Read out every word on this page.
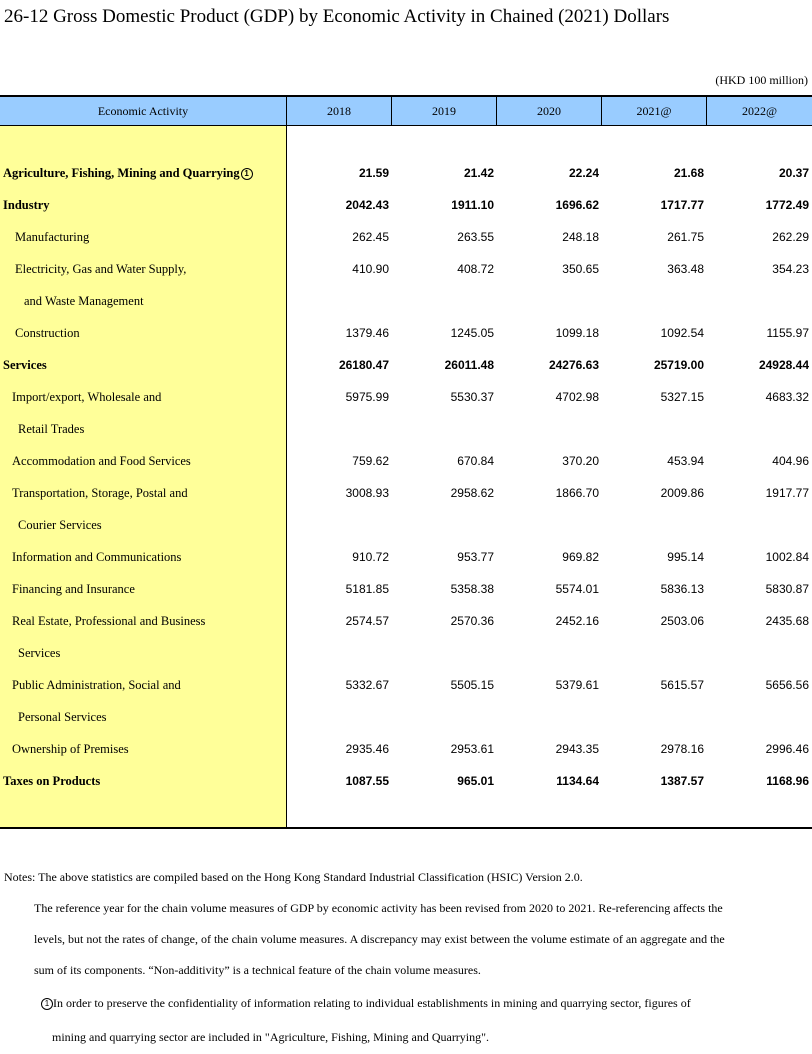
26-12 Gross Domestic Product (GDP) by Economic Activity in Chained (2021) Dollars
(HKD 100 million)
Economic Activity	2018	2019	2020	2021@	2022@
Agriculture, Fishing, Mining and Quarrying 1	21.59	21.42	22.24	21.68	20.37
Industry	2042.43	1911.10	1696.62	1717.77	1772.49
Manufacturing	262.45	263.55	248.18	261.75	262.29
Electricity, Gas and Water Supply,	410.90	408.72	350.65	363.48	354.23
and Waste Management
Construction	1379.46	1245.05	1099.18	1092.54	1155.97
Services	26180.47	26011.48	24276.63	25719.00	24928.44
Import/export, Wholesale and	5975.99	5530.37	4702.98	5327.15	4683.32
Retail Trades
Accommodation and Food Services	759.62	670.84	370.20	453.94	404.96
Transportation, Storage, Postal and	3008.93	2958.62	1866.70	2009.86	1917.77
Courier Services
Information and Communications	910.72	953.77	969.82	995.14	1002.84
Financing and Insurance	5181.85	5358.38	5574.01	5836.13	5830.87
Real Estate, Professional and Business	2574.57	2570.36	2452.16	2503.06	2435.68
Services
Public Administration, Social and	5332.67	5505.15	5379.61	5615.57	5656.56
Personal Services
Ownership of Premises	2935.46	2953.61	2943.35	2978.16	2996.46
Taxes on Products	1087.55	965.01	1134.64	1387.57	1168.96
Notes: The above statistics are compiled based on the Hong Kong Standard Industrial Classification (HSIC) Version 2.0.
The reference year for the chain volume measures of GDP by economic activity has been revised from 2020 to 2021. Re-referencing affects the
levels, but not the rates of change, of the chain volume measures. A discrepancy may exist between the volume estimate of an aggregate and the
sum of its components. “Non-additivity” is a technical feature of the chain volume measures.
1 In order to preserve the confidentiality of information relating to individual establishments in mining and quarrying sector, figures of
mining and quarrying sector are included in "Agriculture, Fishing, Mining and Quarrying".
